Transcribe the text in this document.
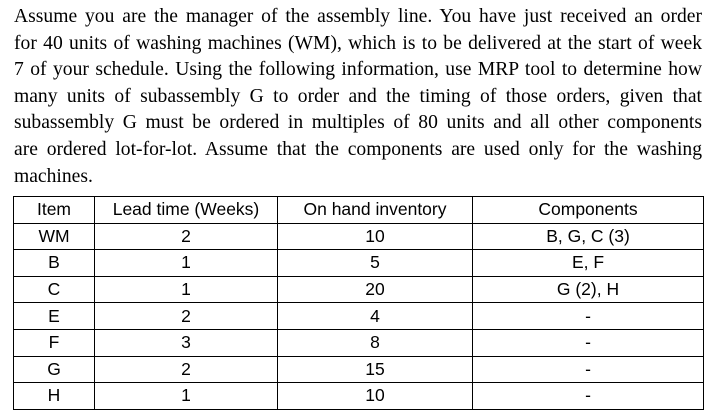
Assume you are the manager of the assembly line. You have just received an order
for 40 units of washing machines (WM), which is to be delivered at the start of week
7 of your schedule. Using the following information, use MRP tool to determine how
many units of subassembly G to order and the timing of those orders, given that
subassembly G must be ordered in multiples of 80 units and all other components
are ordered lot-for-lot. Assume that the components are used only for the washing
machines.
Item	Lead time (Weeks)	On hand inventory	Components
WM	2	10	B, G, C (3)
B	1	5	E, F
C	1	20	G (2), H
E	2	4	-
F	3	8	-
G	2	15	-
H	1	10	-
